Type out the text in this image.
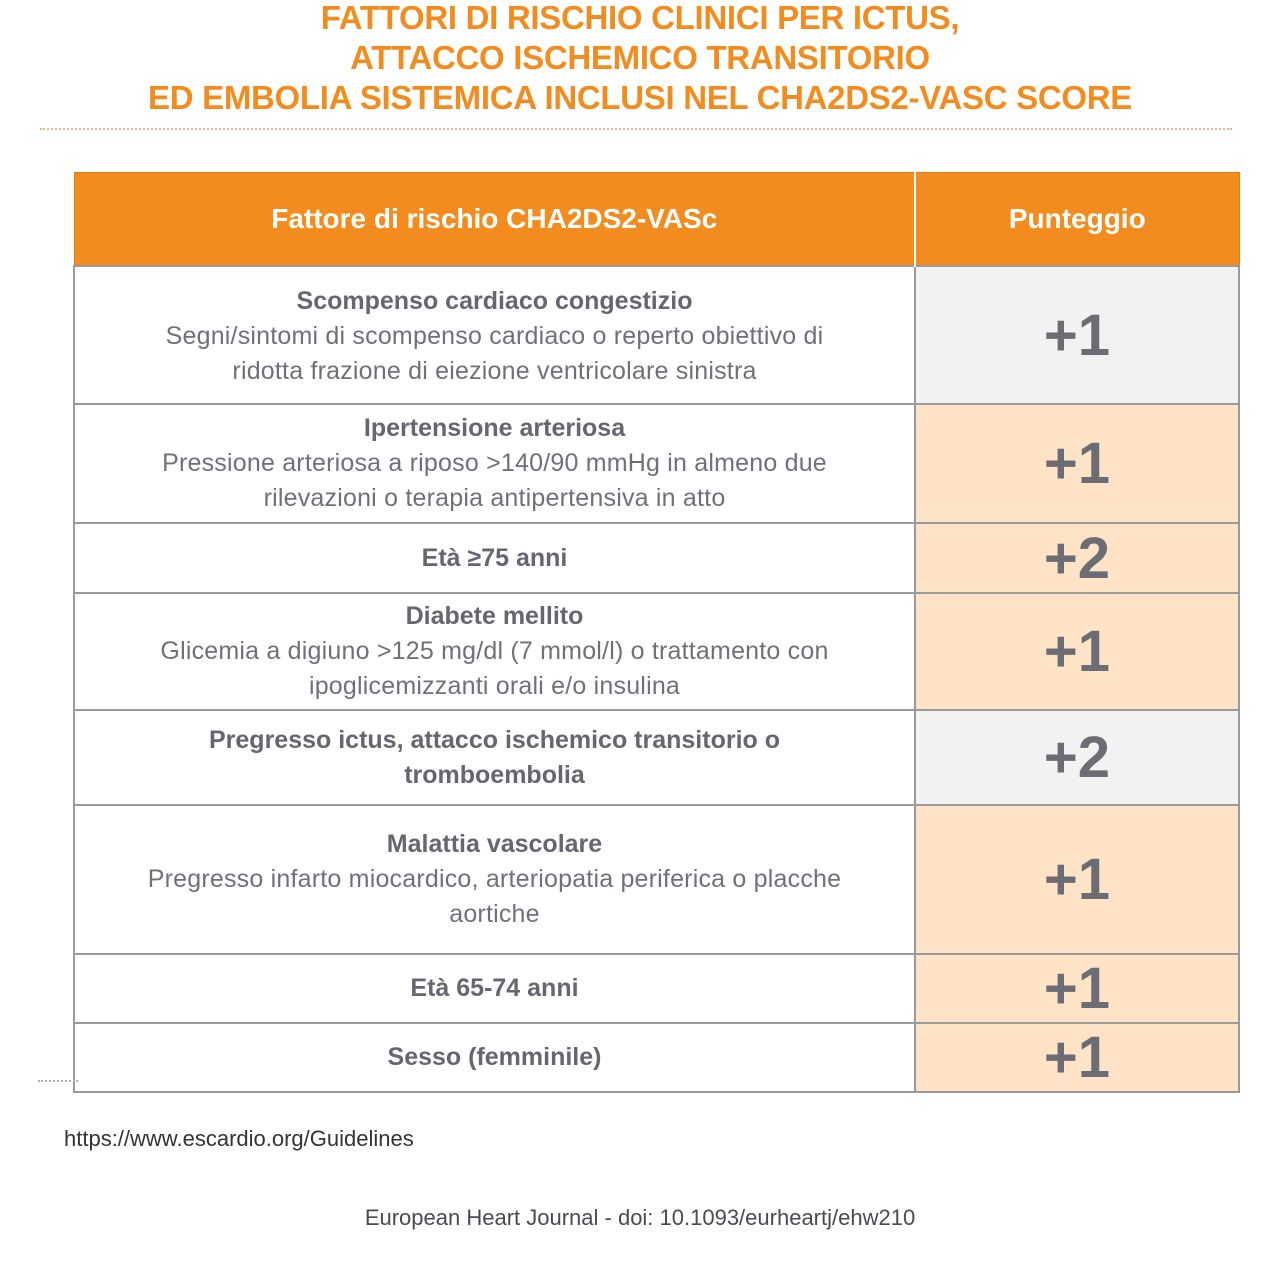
FATTORI DI RISCHIO CLINICI PER ICTUS,
ATTACCO ISCHEMICO TRANSITORIO
ED EMBOLIA SISTEMICA INCLUSI NEL CHA2DS2-VASC SCORE
Fattore di rischio CHA2DS2-VASc	Punteggio

Scompenso cardiaco congestizio
Segni/sintomi di scompenso cardiaco o reperto obiettivo di ridotta frazione di eiezione ventricolare sinistra	+1

Ipertensione arteriosa
Pressione arteriosa a riposo >140/90 mmHg in almeno due rilevazioni o terapia antipertensiva in atto	+1

Età ≥75 anni	+2

Diabete mellito
Glicemia a digiuno >125 mg/dl (7 mmol/l) o trattamento con ipoglicemizzanti orali e/o insulina	+1

Pregresso ictus, attacco ischemico transitorio o tromboembolia	+2

Malattia vascolare
Pregresso infarto miocardico, arteriopatia periferica o placche aortiche	+1

Età 65-74 anni	+1

Sesso (femminile)	+1
https://www.escardio.org/Guidelines
European Heart Journal - doi: 10.1093/eurheartj/ehw210
